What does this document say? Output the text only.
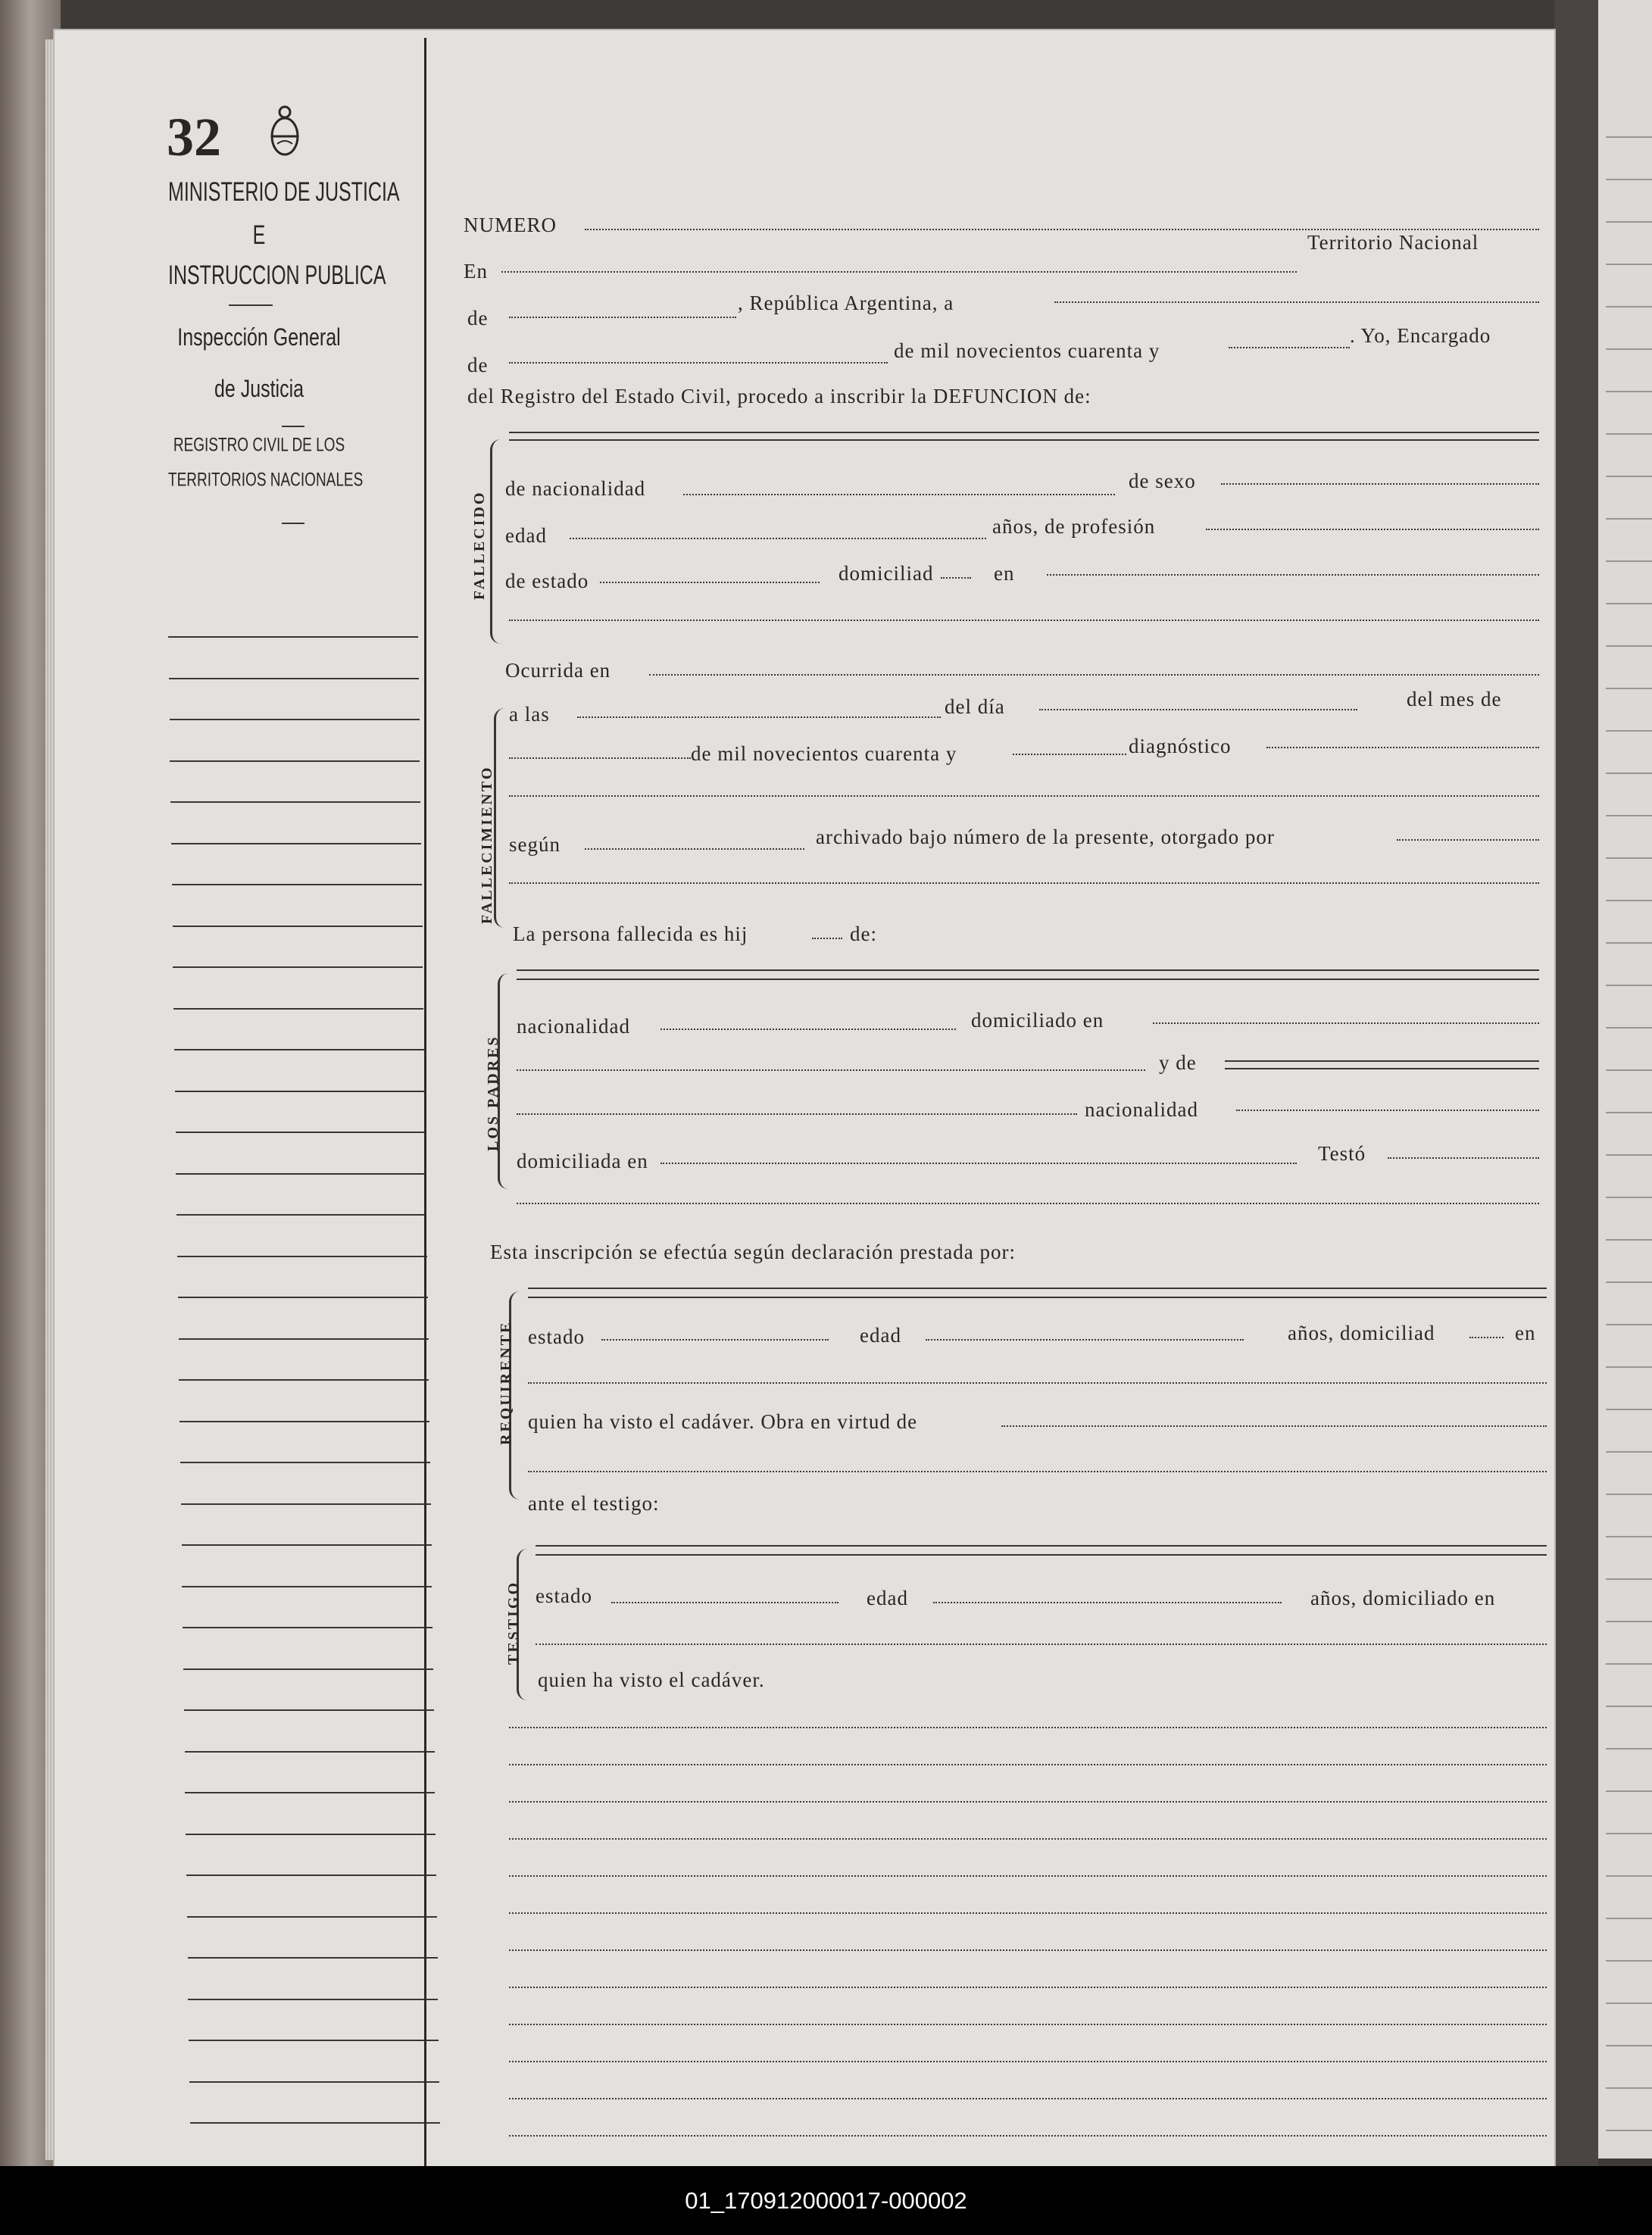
32
MINISTERIO DE JUSTICIA
E
INSTRUCCION PUBLICA
Inspección General
de Justicia
REGISTRO CIVIL DE LOS
TERRITORIOS NACIONALES
NUMERO
Territorio Nacional
En
de
, República Argentina, a
de
de mil novecientos cuarenta y
. Yo, Encargado
del Registro del Estado Civil, procedo a inscribir la DEFUNCION de:
FALLECIDO
de nacionalidad	de sexo
edad	años, de profesión
de estado	domiciliad	en
Ocurrida en
FALLECIMIENTO
a las	del día	del mes de
de mil novecientos cuarenta y	diagnóstico
según	archivado bajo número de la presente, otorgado por
La persona fallecida es hij	de:
LOS PADRES
nacionalidad	domiciliado en
y de
nacionalidad
domiciliada en	Testó
Esta inscripción se efectúa según declaración prestada por:
REQUIRENTE estado	edad	años, domiciliad	en
quien ha visto el cadáver. Obra en virtud de
ante el testigo:
TESTIGO estado	edad	años, domiciliado en
quien ha visto el cadáver.
01_170912000017-000002
